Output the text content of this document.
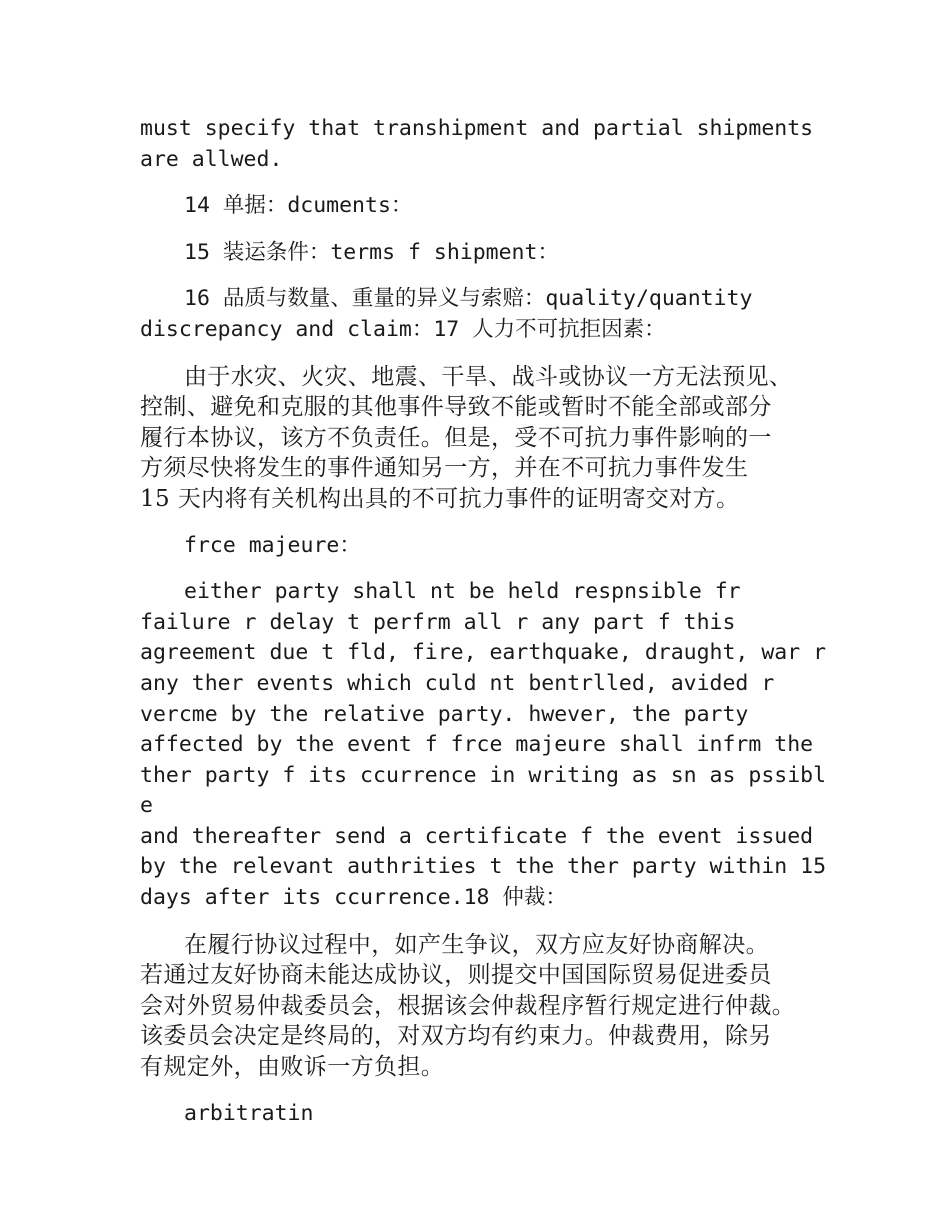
must specify that transhipment and partial shipments
are allwed.

14 单据：dcuments：

15 装运条件：terms f shipment：

16 品质与数量、重量的异义与索赔：quality/quantity
discrepancy and claim：17 人力不可抗拒因素：

由于水灾、火灾、地震、干旱、战斗或协议一方无法预见、
控制、避免和克服的其他事件导致不能或暂时不能全部或部分
履行本协议，该方不负责任。但是，受不可抗力事件影响的一
方须尽快将发生的事件通知另一方，并在不可抗力事件发生
15 天内将有关机构出具的不可抗力事件的证明寄交对方。

frce majeure：

either party shall nt be held respnsible fr
failure r delay t perfrm all r any part f this
agreement due t fld, fire, earthquake, draught, war r
any ther events which culd nt bentrlled, avided r
vercme by the relative party. hwever, the party
affected by the event f frce majeure shall infrm the
ther party f its ccurrence in writing as sn as pssible
and thereafter send a certificate f the event issued
by the relevant authrities t the ther party within 15
days after its ccurrence.18 仲裁：

在履行协议过程中，如产生争议，双方应友好协商解决。
若通过友好协商未能达成协议，则提交中国国际贸易促进委员
会对外贸易仲裁委员会，根据该会仲裁程序暂行规定进行仲裁。
该委员会决定是终局的，对双方均有约束力。仲裁费用，除另
有规定外，由败诉一方负担。

arbitratin
